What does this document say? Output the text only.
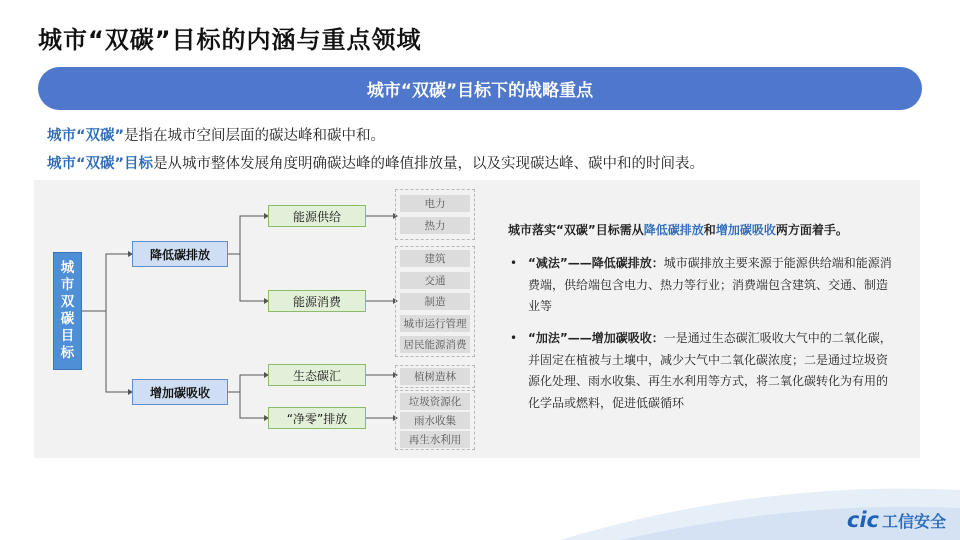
城市“双碳”目标的内涵与重点领域
城市“双碳”目标下的战略重点
城市“双碳”是指在城市空间层面的碳达峰和碳中和。
城市“双碳”目标是从城市整体发展角度明确碳达峰的峰值排放量，以及实现碳达峰、碳中和的时间表。
城
市
双
碳
目
标
降低碳排放
增加碳吸收
能源供给
能源消费
生态碳汇
“净零”排放
电力
热力
建筑
交通
制造
城市运行管理
居民能源消费
植树造林
垃圾资源化
雨水收集
再生水利用
城市落实“双碳”目标需从降低碳排放和增加碳吸收两方面着手。
• “减法”——降低碳排放：城市碳排放主要来源于能源供给端和能源消费端，供给端包含电力、热力等行业；消费端包含建筑、交通、制造业等
• “加法”——增加碳吸收：一是通过生态碳汇吸收大气中的二氧化碳，并固定在植被与土壤中，减少大气中二氧化碳浓度；二是通过垃圾资源化处理、雨水收集、再生水利用等方式，将二氧化碳转化为有用的化学品或燃料，促进低碳循环
cic 工信安全
